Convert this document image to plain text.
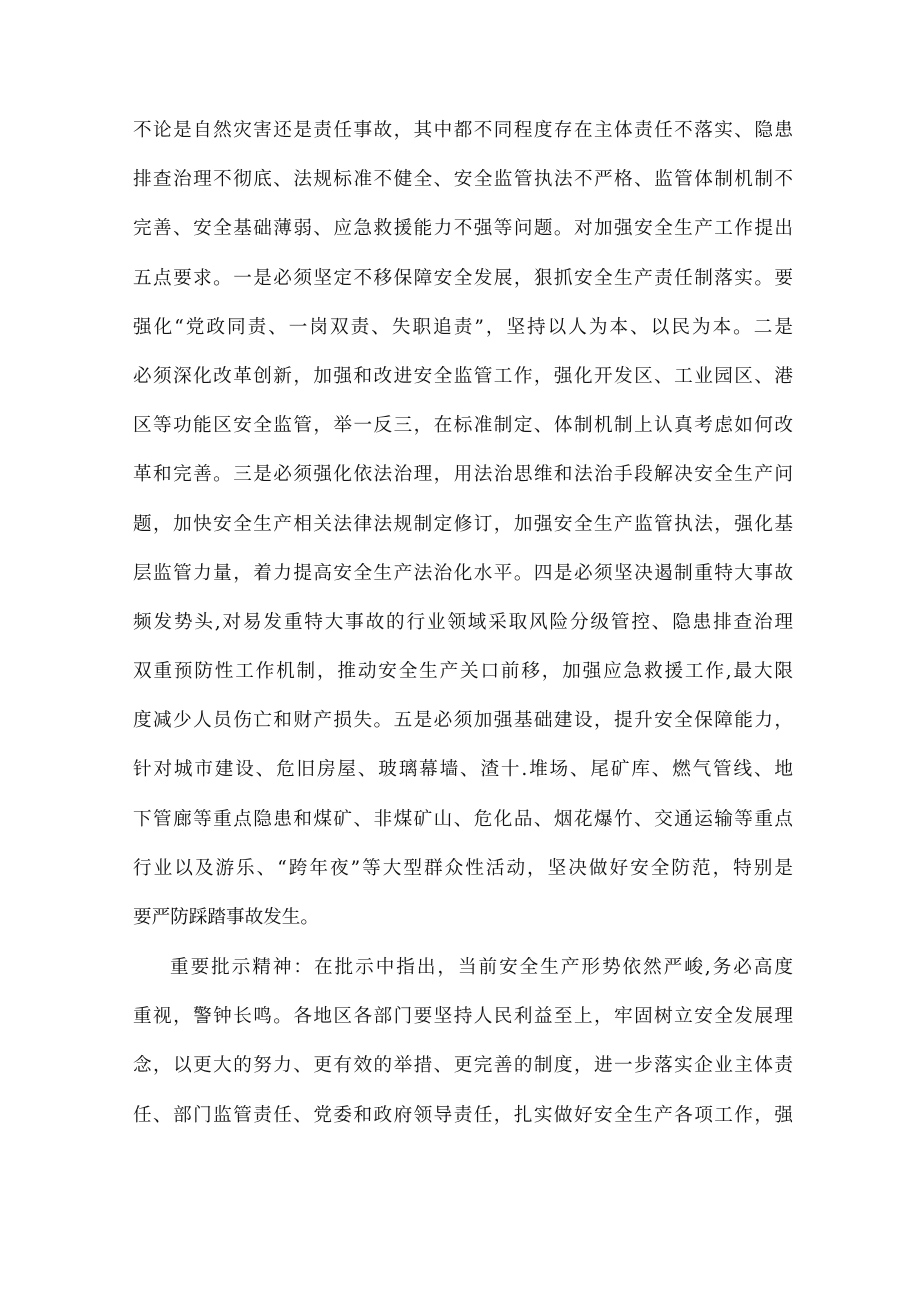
不论是自然灾害还是责任事故，其中都不同程度存在主体责任不落实、隐患
排查治理不彻底、法规标准不健全、安全监管执法不严格、监管体制机制不
完善、安全基础薄弱、应急救援能力不强等问题。对加强安全生产工作提出
五点要求。一是必须坚定不移保障安全发展，狠抓安全生产责任制落实。要
强化“党政同责、一岗双责、失职追责”，坚持以人为本、以民为本。二是
必须深化改革创新，加强和改进安全监管工作，强化开发区、工业园区、港
区等功能区安全监管，举一反三，在标准制定、体制机制上认真考虑如何改
革和完善。三是必须强化依法治理，用法治思维和法治手段解决安全生产问
题，加快安全生产相关法律法规制定修订，加强安全生产监管执法，强化基
层监管力量，着力提高安全生产法治化水平。四是必须坚决遏制重特大事故
频发势头,对易发重特大事故的行业领域采取风险分级管控、隐患排查治理
双重预防性工作机制，推动安全生产关口前移，加强应急救援工作,最大限
度减少人员伤亡和财产损失。五是必须加强基础建设，提升安全保障能力，
针对城市建设、危旧房屋、玻璃幕墙、渣十.堆场、尾矿库、燃气管线、地
下管廊等重点隐患和煤矿、非煤矿山、危化品、烟花爆竹、交通运输等重点
行业以及游乐、“跨年夜”等大型群众性活动，坚决做好安全防范，特别是
要严防踩踏事故发生。
重要批示精神：在批示中指出，当前安全生产形势依然严峻,务必高度
重视，警钟长鸣。各地区各部门要坚持人民利益至上，牢固树立安全发展理
念，以更大的努力、更有效的举措、更完善的制度，进一步落实企业主体责
任、部门监管责任、党委和政府领导责任，扎实做好安全生产各项工作，强
